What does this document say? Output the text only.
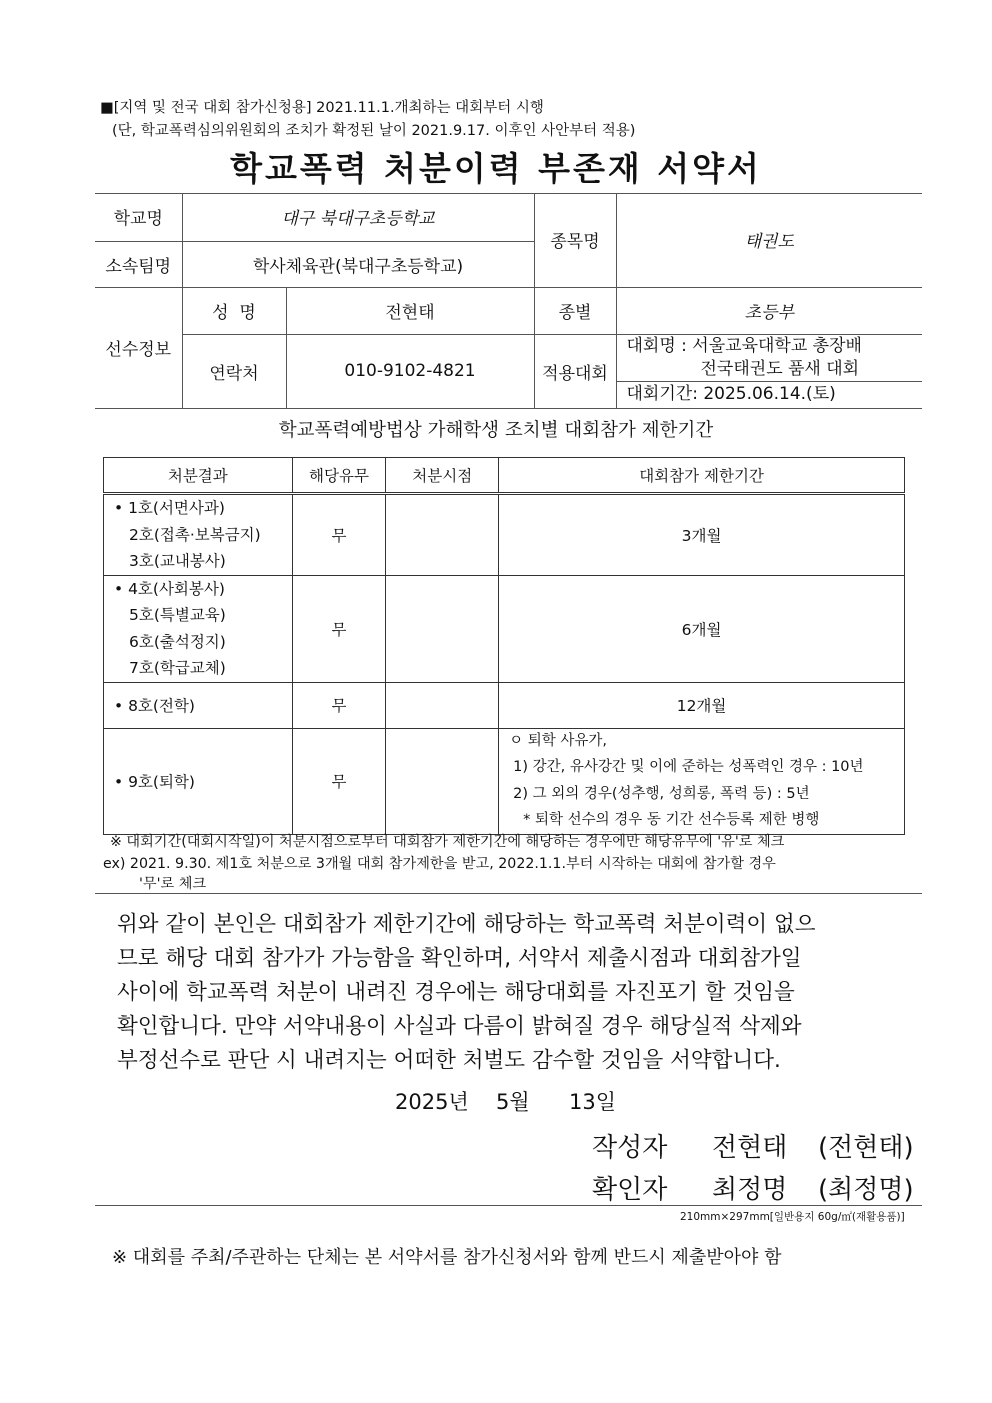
■[지역 및 전국 대회 참가신청용] 2021.11.1.개최하는 대회부터 시행
(단, 학교폭력심의위원회의 조치가 확정된 날이 2021.9.17. 이후인 사안부터 적용)
학교폭력 처분이력 부존재 서약서
학교명	대구 북대구초등학교		종목명	태권도
소속팀명	학사체육관(북대구초등학교)			
선수정보	성  명	전현태	종별	초등부
	연락처	010-9102-4821	적용대회	대회명 : 서울교육대학교 총장배
전국태권도 품새 대회
대회기간: 2025.06.14.(토)
학교폭력예방법상 가해학생 조치별 대회참가 제한기간
처분결과	해당유무	처분시점	대회참가 제한기간

• 1호(서면사과)
2호(접촉·보복금지)
3호(교내봉사)	무		3개월

• 4호(사회봉사)
5호(특별교육)
6호(출석정지)
7호(학급교체)	무		6개월

• 8호(전학)	무		12개월

• 9호(퇴학)	무		ㅇ 퇴학 사유가,
1) 강간, 유사강간 및 이에 준하는 성폭력인 경우 : 10년
2) 그 외의 경우(성추행, 성희롱, 폭력 등) : 5년
* 퇴학 선수의 경우 동 기간 선수등록 제한 병행
※ 대회기간(대회시작일)이 처분시점으로부터 대회참가 제한기간에 해당하는 경우에만 해당유무에 '유'로 체크
ex) 2021. 9.30. 제1호 처분으로 3개월 대회 참가제한을 받고, 2022.1.1.부터 시작하는 대회에 참가할 경우
'무'로 체크
위와 같이 본인은 대회참가 제한기간에 해당하는 학교폭력 처분이력이 없으
므로 해당 대회 참가가 가능함을 확인하며, 서약서 제출시점과 대회참가일
사이에 학교폭력 처분이 내려진 경우에는 해당대회를 자진포기 할 것임을
확인합니다. 만약 서약내용이 사실과 다름이 밝혀질 경우 해당실적 삭제와
부정선수로 판단 시 내려지는 어떠한 처벌도 감수할 것임을 서약합니다.
2025년 5월 13일
작성자 전현태 (전현태)
확인자 최정명 (최정명)
210mm×297mm[일반용지 60g/㎡(재활용품)]
※ 대회를 주최/주관하는 단체는 본 서약서를 참가신청서와 함께 반드시 제출받아야 함
